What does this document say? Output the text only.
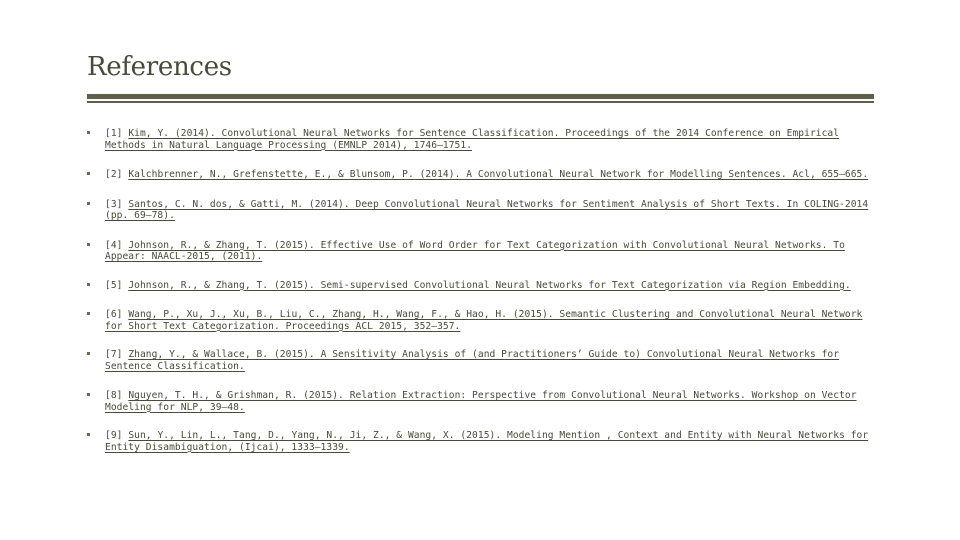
References
[1] Kim, Y. (2014). Convolutional Neural Networks for Sentence Classification. Proceedings of the 2014 Conference on Empirical Methods in Natural Language Processing (EMNLP 2014), 1746–1751.
[2] Kalchbrenner, N., Grefenstette, E., & Blunsom, P. (2014). A Convolutional Neural Network for Modelling Sentences. Acl, 655–665.
[3] Santos, C. N. dos, & Gatti, M. (2014). Deep Convolutional Neural Networks for Sentiment Analysis of Short Texts. In COLING-2014 (pp. 69–78).
[4] Johnson, R., & Zhang, T. (2015). Effective Use of Word Order for Text Categorization with Convolutional Neural Networks. To Appear: NAACL-2015, (2011).
[5] Johnson, R., & Zhang, T. (2015). Semi-supervised Convolutional Neural Networks for Text Categorization via Region Embedding.
[6] Wang, P., Xu, J., Xu, B., Liu, C., Zhang, H., Wang, F., & Hao, H. (2015). Semantic Clustering and Convolutional Neural Network for Short Text Categorization. Proceedings ACL 2015, 352–357.
[7] Zhang, Y., & Wallace, B. (2015). A Sensitivity Analysis of (and Practitioners’ Guide to) Convolutional Neural Networks for Sentence Classification.
[8] Nguyen, T. H., & Grishman, R. (2015). Relation Extraction: Perspective from Convolutional Neural Networks. Workshop on Vector Modeling for NLP, 39–48.
[9] Sun, Y., Lin, L., Tang, D., Yang, N., Ji, Z., & Wang, X. (2015). Modeling Mention , Context and Entity with Neural Networks for Entity Disambiguation, (Ijcai), 1333–1339.
